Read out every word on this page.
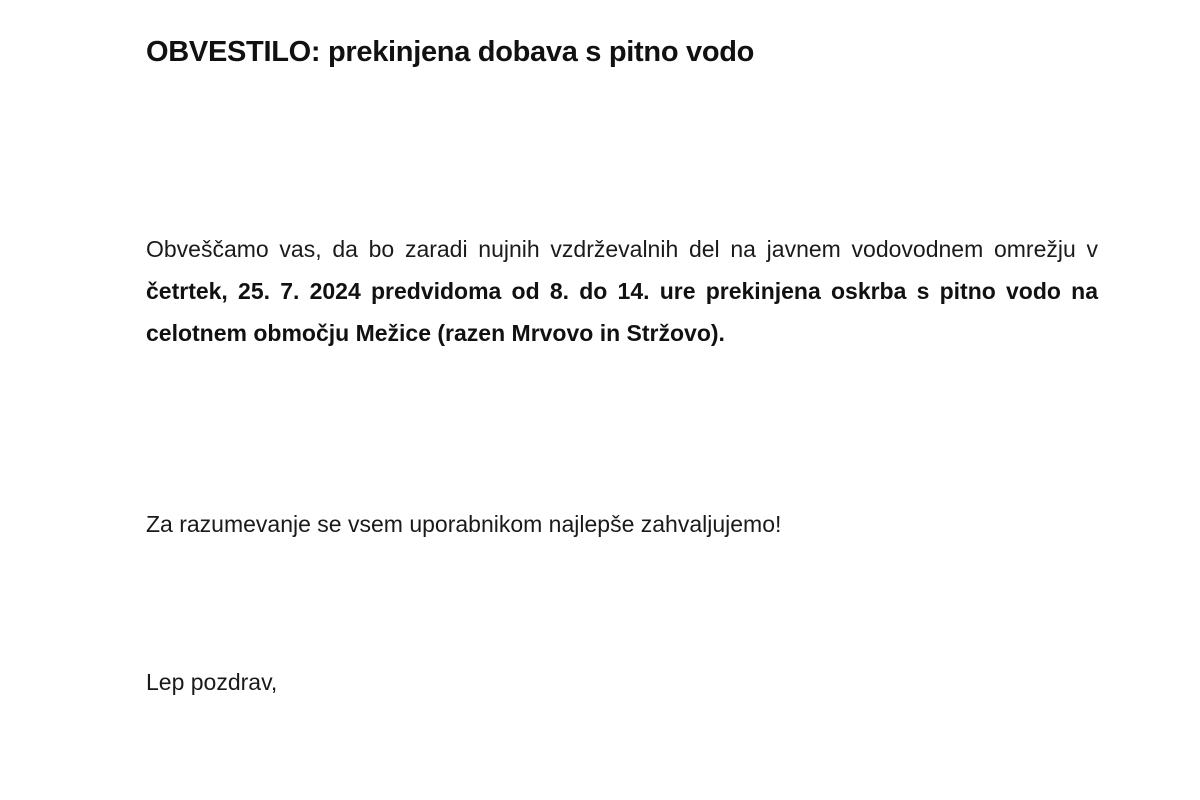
OBVESTILO: prekinjena dobava s pitno vodo

Obveščamo vas, da bo zaradi nujnih vzdrževalnih del na javnem vodovodnem omrežju v četrtek, 25. 7. 2024 predvidoma od 8. do 14. ure prekinjena oskrba s pitno vodo na celotnem območju Mežice (razen Mrvovo in Stržovo).

Za razumevanje se vsem uporabnikom najlepše zahvaljujemo!

Lep pozdrav,
